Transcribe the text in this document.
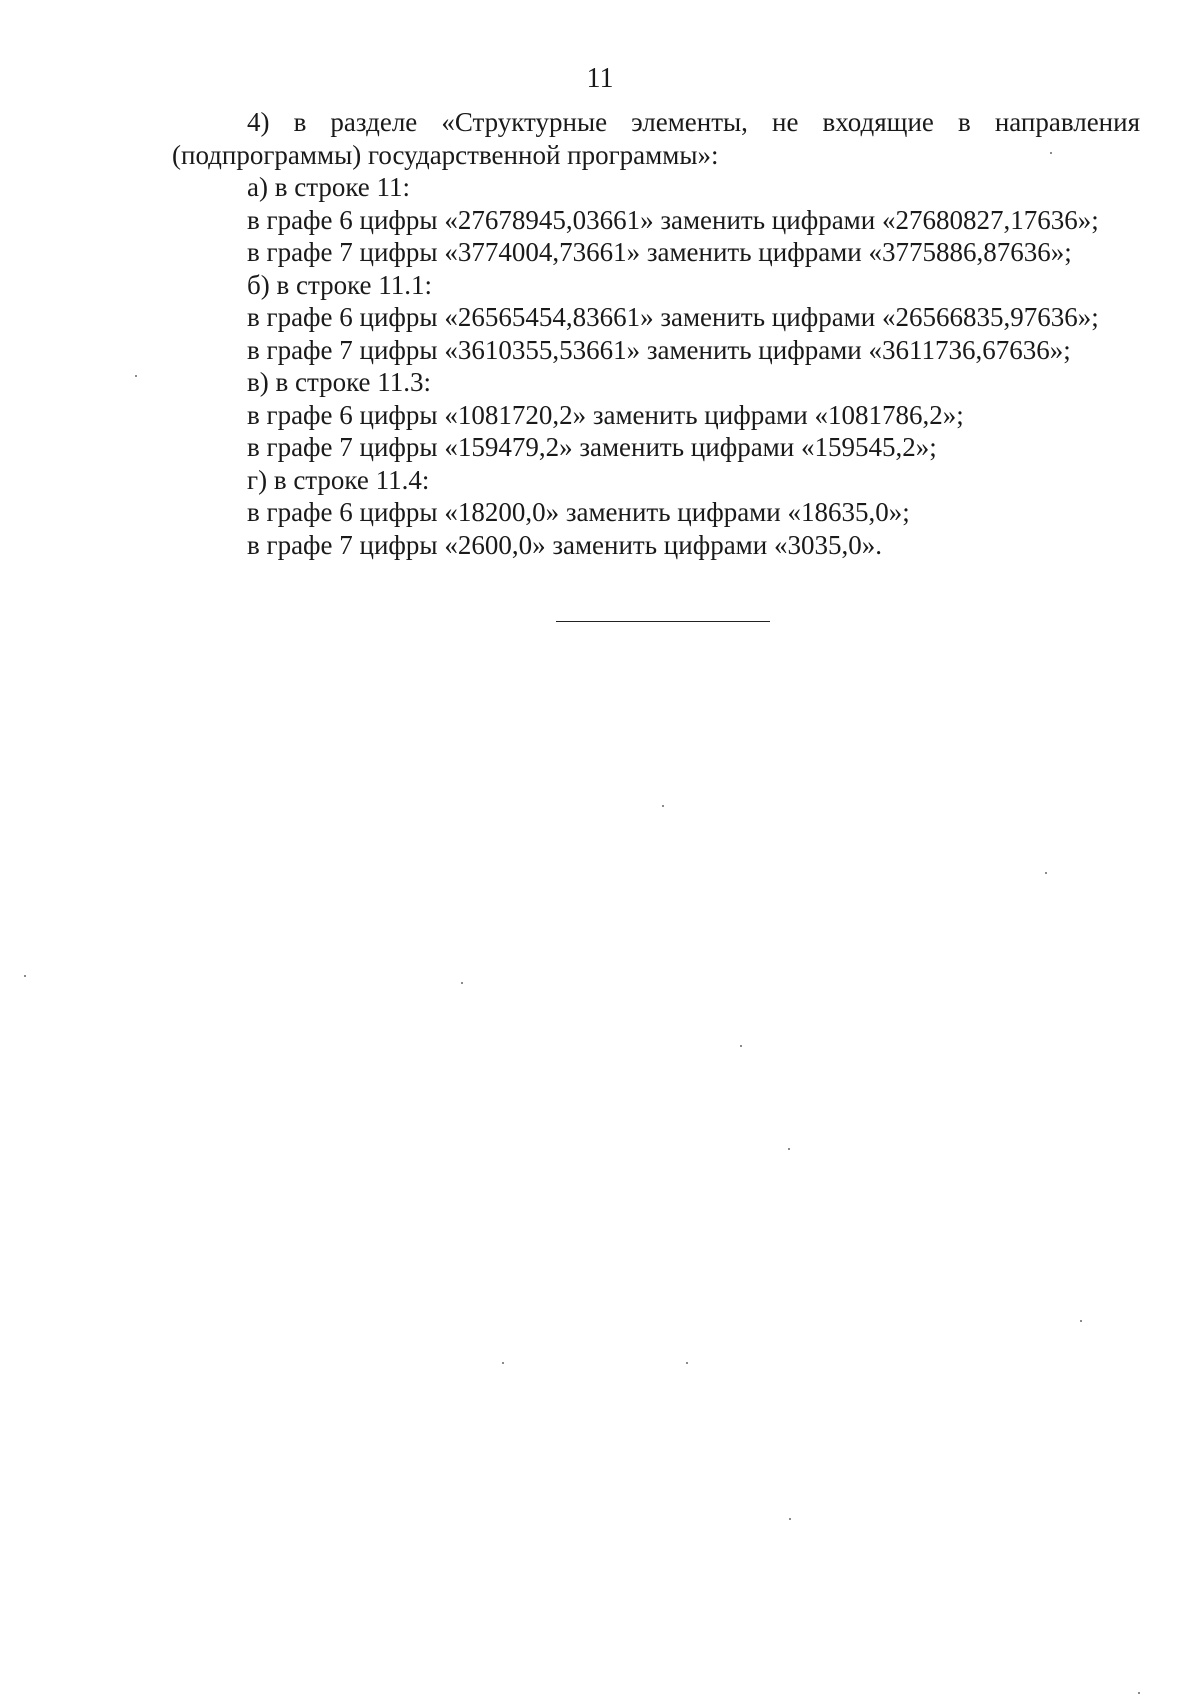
11

4) в разделе «Структурные элементы, не входящие в направления (подпрограммы) государственной программы»:

а) в строке 11:

в графе 6 цифры «27678945,03661» заменить цифрами «27680827,17636»;

в графе 7 цифры «3774004,73661» заменить цифрами «3775886,87636»;

б) в строке 11.1:

в графе 6 цифры «26565454,83661» заменить цифрами «26566835,97636»;

в графе 7 цифры «3610355,53661» заменить цифрами «3611736,67636»;

в) в строке 11.3:

в графе 6 цифры «1081720,2» заменить цифрами «1081786,2»;

в графе 7 цифры «159479,2» заменить цифрами «159545,2»;

г) в строке 11.4:

в графе 6 цифры «18200,0» заменить цифрами «18635,0»;

в графе 7 цифры «2600,0» заменить цифрами «3035,0».
